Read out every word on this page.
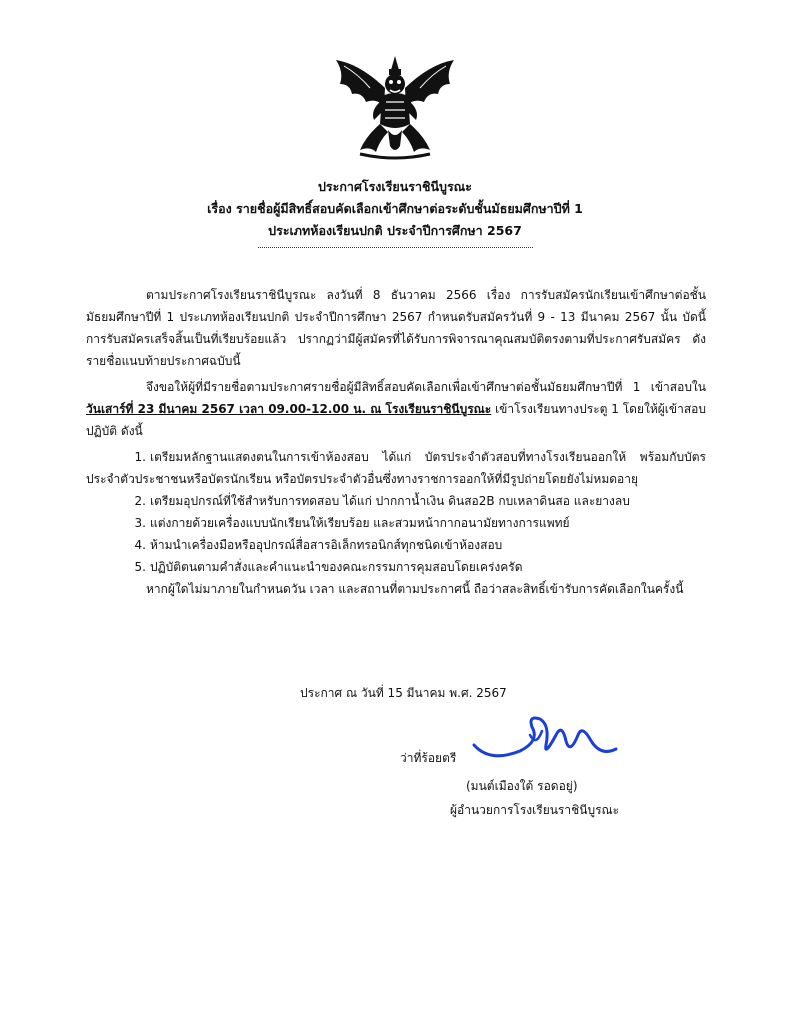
ประกาศโรงเรียนราชินีบูรณะ
เรื่อง รายชื่อผู้มีสิทธิ์สอบคัดเลือกเข้าศึกษาต่อระดับชั้นมัธยมศึกษาปีที่ 1
ประเภทห้องเรียนปกติ ประจำปีการศึกษา 2567

ตามประกาศโรงเรียนราชินีบูรณะ ลงวันที่ 8 ธันวาคม 2566 เรื่อง การรับสมัครนักเรียนเข้าศึกษาต่อชั้นมัธยมศึกษาปีที่ 1 ประเภทห้องเรียนปกติ ประจำปีการศึกษา 2567 กำหนดรับสมัครวันที่ 9 - 13 มีนาคม 2567 นั้น บัดนี้การรับสมัครเสร็จสิ้นเป็นที่เรียบร้อยแล้ว ปรากฏว่ามีผู้สมัครที่ได้รับการพิจารณาคุณสมบัติตรงตามที่ประกาศรับสมัคร ดังรายชื่อแนบท้ายประกาศฉบับนี้

จึงขอให้ผู้ที่มีรายชื่อตามประกาศรายชื่อผู้มีสิทธิ์สอบคัดเลือกเพื่อเข้าศึกษาต่อชั้นมัธยมศึกษาปีที่ 1 เข้าสอบใน วันเสาร์ที่ 23 มีนาคม 2567 เวลา 09.00-12.00 น. ณ โรงเรียนราชินีบูรณะ เข้าโรงเรียนทางประตู 1 โดยให้ผู้เข้าสอบปฏิบัติ ดังนี้

1. เตรียมหลักฐานแสดงตนในการเข้าห้องสอบ ได้แก่ บัตรประจำตัวสอบที่ทางโรงเรียนออกให้ พร้อมกับบัตรประจำตัวประชาชนหรือบัตรนักเรียน หรือบัตรประจำตัวอื่นซึ่งทางราชการออกให้ที่มีรูปถ่ายโดยยังไม่หมดอายุ

2. เตรียมอุปกรณ์ที่ใช้สำหรับการทดสอบ ได้แก่ ปากกาน้ำเงิน ดินสอ2B กบเหลาดินสอ และยางลบ

3. แต่งกายด้วยเครื่องแบบนักเรียนให้เรียบร้อย และสวมหน้ากากอนามัยทางการแพทย์

4. ห้ามนำเครื่องมือหรืออุปกรณ์สื่อสารอิเล็กทรอนิกส์ทุกชนิดเข้าห้องสอบ

5. ปฏิบัติตนตามคำสั่งและคำแนะนำของคณะกรรมการคุมสอบโดยเคร่งครัด

หากผู้ใดไม่มาภายในกำหนดวัน เวลา และสถานที่ตามประกาศนี้ ถือว่าสละสิทธิ์เข้ารับการคัดเลือกในครั้งนี้

ประกาศ ณ วันที่ 15 มีนาคม พ.ศ. 2567
ว่าที่ร้อยตรี
(มนต์เมืองใต้ รอดอยู่)
ผู้อำนวยการโรงเรียนราชินีบูรณะ
